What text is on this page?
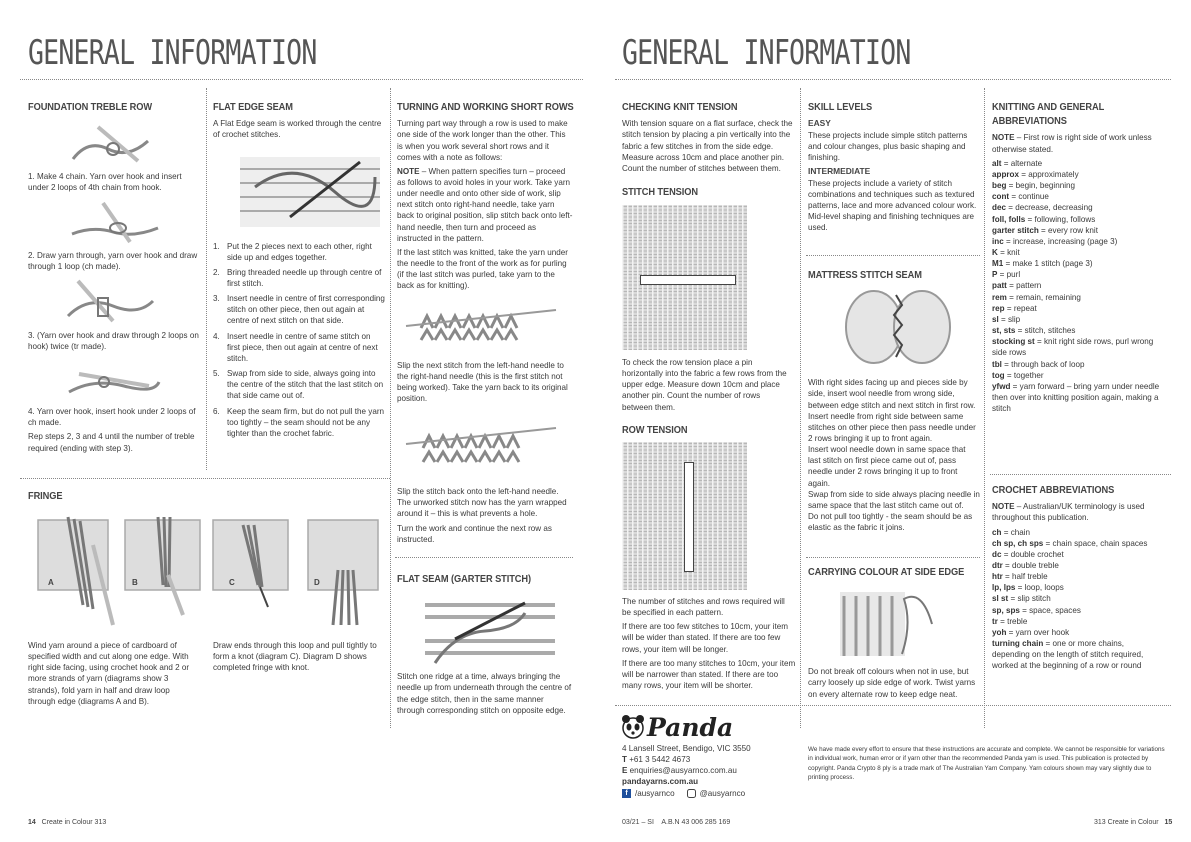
GENERAL INFORMATION
FOUNDATION TREBLE ROW

1. Make 4 chain. Yarn over hook and insert under 2 loops of 4th chain from hook.

2. Draw yarn through, yarn over hook and draw through 1 loop (ch made).

3. (Yarn over hook and draw through 2 loops on hook) twice (tr made).

4. Yarn over hook, insert hook under 2 loops of ch made.

Rep steps 2, 3 and 4 until the number of treble required (ending with step 3).

FLAT EDGE SEAM

A Flat Edge seam is worked through the centre of crochet stitches.

1. Put the 2 pieces next to each other, right side up and edges together.
2. Bring threaded needle up through centre of first stitch.
3. Insert needle in centre of first corresponding stitch on other piece, then out again at centre of next stitch on that side.
4. Insert needle in centre of same stitch on first piece, then out again at centre of next stitch.
5. Swap from side to side, always going into the centre of the stitch that the last stitch on that side came out of.
6. Keep the seam firm, but do not pull the yarn too tightly – the seam should not be any tighter than the crochet fabric.
TURNING AND WORKING SHORT ROWS

Turning part way through a row is used to make one side of the work longer than the other. This is when you work several short rows and it comes with a note as follows:

NOTE – When pattern specifies turn – proceed as follows to avoid holes in your work. Take yarn under needle and onto other side of work, slip next stitch onto right-hand needle, take yarn back to original position, slip stitch back onto left-hand needle, then turn and proceed as instructed in the pattern.

If the last stitch was knitted, take the yarn under the needle to the front of the work as for purling (if the last stitch was purled, take yarn to the back as for knitting).

Slip the next stitch from the left-hand needle to the right-hand needle (this is the first stitch not being worked). Take the yarn back to its original position.

Slip the stitch back onto the left-hand needle. The unworked stitch now has the yarn wrapped around it – this is what prevents a hole.

Turn the work and continue the next row as instructed.

FLAT SEAM (GARTER STITCH)

Stitch one ridge at a time, always bringing the needle up from underneath through the centre of the edge stitch, then in the same manner through corresponding stitch on opposite edge.

FRINGE
A	B	C	D

Wind yarn around a piece of cardboard of specified width and cut along one edge. With right side facing, using crochet hook and 2 or more strands of yarn (diagrams show 3 strands), fold yarn in half and draw loop through edge (diagrams A and B).

Draw ends through this loop and pull tightly to form a knot (diagram C). Diagram D shows completed fringe with knot.

14 Create in Colour 313
GENERAL INFORMATION
CHECKING KNIT TENSION

With tension square on a flat surface, check the stitch tension by placing a pin vertically into the fabric a few stitches in from the side edge. Measure across 10cm and place another pin. Count the number of stitches between them.

STITCH TENSION

To check the row tension place a pin horizontally into the fabric a few rows from the upper edge. Measure down 10cm and place another pin. Count the number of rows between them.

ROW TENSION

The number of stitches and rows required will be specified in each pattern.

If there are too few stitches to 10cm, your item will be wider than stated. If there are too few rows, your item will be longer.

If there are too many stitches to 10cm, your item will be narrower than stated. If there are too many rows, your item will be shorter.

SKILL LEVELS
EASY

These projects include simple stitch patterns and colour changes, plus basic shaping and finishing.

INTERMEDIATE

These projects include a variety of stitch combinations and techniques such as textured patterns, lace and more advanced colour work. Mid-level shaping and finishing techniques are used.

MATTRESS STITCH SEAM

With right sides facing up and pieces side by side, insert wool needle from wrong side, between edge stitch and next stitch in first row.

Insert needle from right side between same stitches on other piece then pass needle under 2 rows bringing it up to front again.

Insert wool needle down in same space that last stitch on first piece came out of, pass needle under 2 rows bringing it up to front again.

Swap from side to side always placing needle in same space that the last stitch came out of.

Do not pull too tightly - the seam should be as elastic as the fabric it joins.

CARRYING COLOUR AT SIDE EDGE

Do not break off colours when not in use, but carry loosely up side edge of work. Twist yarns on every alternate row to keep edge neat.

KNITTING AND GENERAL ABBREVIATIONS

NOTE – First row is right side of work unless otherwise stated.

alt = alternate
approx = approximately
beg = begin, beginning
cont = continue
dec = decrease, decreasing
foll, folls = following, follows
garter stitch = every row knit
inc = increase, increasing (page 3)
K = knit
M1 = make 1 stitch (page 3)
P = purl
patt = pattern
rem = remain, remaining
rep = repeat
sl = slip
st, sts = stitch, stitches
stocking st = knit right side rows, purl wrong side rows
tbl = through back of loop
tog = together
yfwd = yarn forward – bring yarn under needle then over into knitting position again, making a stitch
CROCHET ABBREVIATIONS

NOTE – Australian/UK terminology is used throughout this publication.

ch = chain
ch sp, ch sps = chain space, chain spaces
dc = double crochet
dtr = double treble
htr = half treble
lp, lps = loop, loops
sl st = slip stitch
sp, sps = space, spaces
tr = treble
yoh = yarn over hook
turning chain = one or more chains, depending on the length of stitch required, worked at the beginning of a row or round
Panda
4 Lansell Street, Bendigo, VIC 3550
T +61 3 5442 4673
E enquiries@ausyarnco.com.au
pandayarns.com.au
f /ausyarnco	@ausyarnco

We have made every effort to ensure that these instructions are accurate and complete. We cannot be responsible for variations in individual work, human error or if yarn other than the recommended Panda yarn is used. This publication is protected by copyright. Panda Crypto 8 ply is a trade mark of The Australian Yarn Company. Yarn colours shown may vary slightly due to printing process.

03/21 – SI A.B.N 43 006 285 169	313 Create in Colour 15
